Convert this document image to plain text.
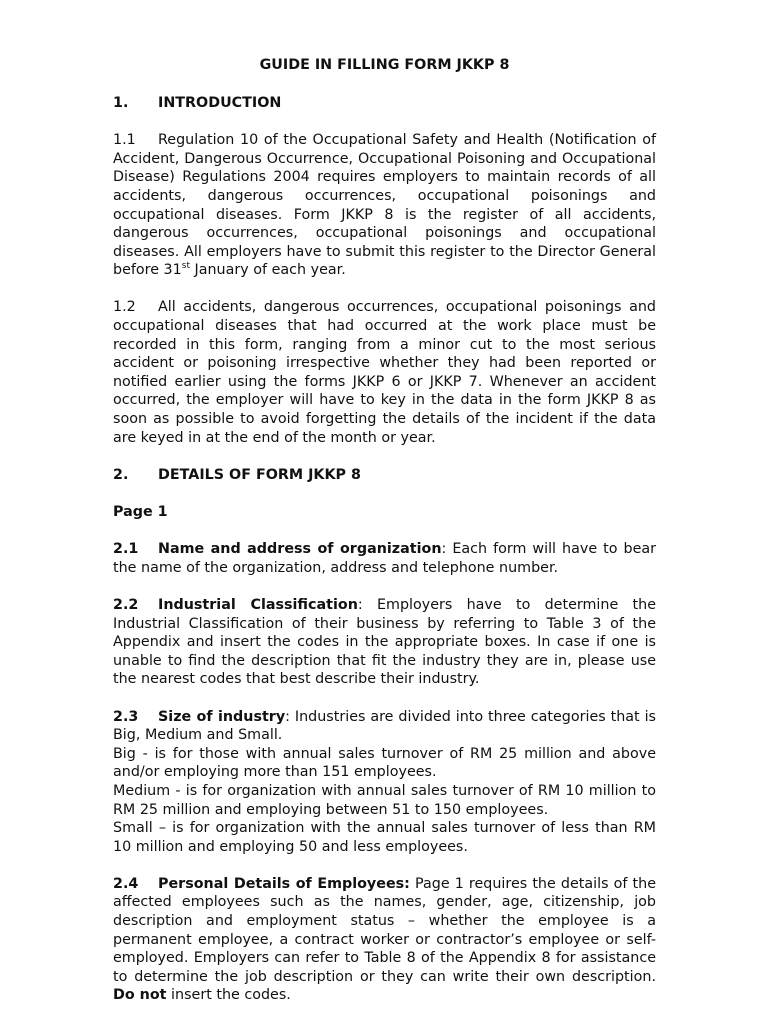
GUIDE IN FILLING FORM JKKP 8
1. INTRODUCTION
1.1 Regulation 10 of the Occupational Safety and Health (Notification of Accident, Dangerous Occurrence, Occupational Poisoning and Occupational Disease) Regulations 2004 requires employers to maintain records of all accidents, dangerous occurrences, occupational poisonings and occupational diseases. Form JKKP 8 is the register of all accidents, dangerous occurrences, occupational poisonings and occupational diseases. All employers have to submit this register to the Director General before 31st January of each year.
1.2 All accidents, dangerous occurrences, occupational poisonings and occupational diseases that had occurred at the work place must be recorded in this form, ranging from a minor cut to the most serious accident or poisoning irrespective whether they had been reported or notified earlier using the forms JKKP 6 or JKKP 7. Whenever an accident occurred, the employer will have to key in the data in the form JKKP 8 as soon as possible to avoid forgetting the details of the incident if the data are keyed in at the end of the month or year.
2. DETAILS OF FORM JKKP 8
Page 1
2.1 Name and address of organization: Each form will have to bear the name of the organization, address and telephone number.
2.2 Industrial Classification: Employers have to determine the Industrial Classification of their business by referring to Table 3 of the Appendix and insert the codes in the appropriate boxes. In case if one is unable to find the description that fit the industry they are in, please use the nearest codes that best describe their industry.
2.3 Size of industry: Industries are divided into three categories that is Big, Medium and Small.
Big - is for those with annual sales turnover of RM 25 million and above and/or employing more than 151 employees.
Medium - is for organization with annual sales turnover of RM 10 million to RM 25 million and employing between 51 to 150 employees.
Small – is for organization with the annual sales turnover of less than RM 10 million and employing 50 and less employees.
2.4 Personal Details of Employees: Page 1 requires the details of the affected employees such as the names, gender, age, citizenship, job description and employment status – whether the employee is a permanent employee, a contract worker or contractor’s employee or self-employed. Employers can refer to Table 8 of the Appendix 8 for assistance to determine the job description or they can write their own description. Do not insert the codes.
